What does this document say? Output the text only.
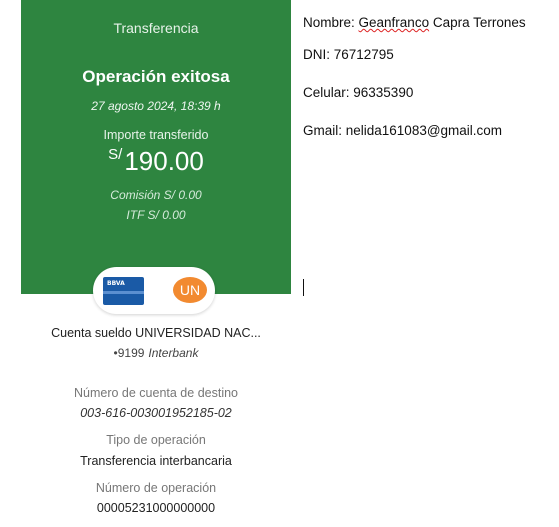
Transferencia
Operación exitosa
27 agosto 2024, 18:39 h
Importe transferido
S/190.00
Comisión S/ 0.00
ITF S/ 0.00
BBVA	UN
Cuenta sueldo UNIVERSIDAD NAC...
•9199 Interbank
Número de cuenta de destino
003-616-003001952185-02
Tipo de operación
Transferencia interbancaria
Número de operación
00005231000000000
Nombre: Geanfranco Capra Terrones
DNI: 76712795
Celular: 96335390
Gmail: nelida161083@gmail.com
